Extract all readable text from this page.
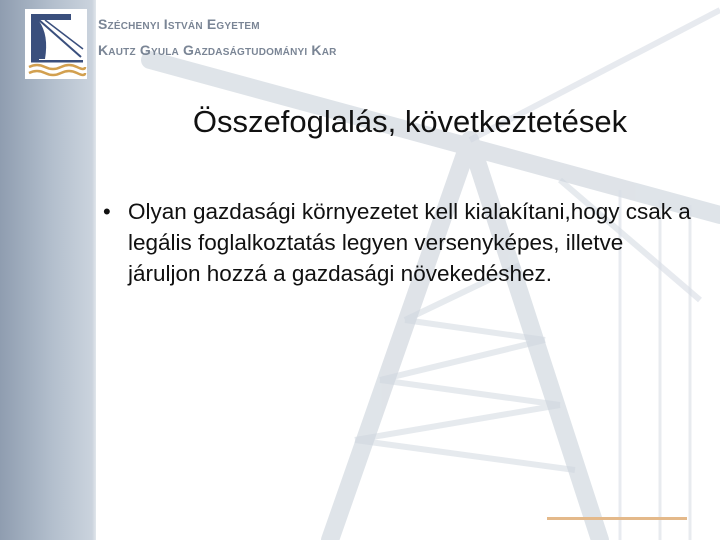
Széchenyi István Egyetem
Kautz Gyula Gazdaságtudományi Kar
Összefoglalás, következtetések
• Olyan gazdasági környezetet kell kialakítani,hogy csak a legális foglalkoztatás legyen versenyképes, illetve járuljon hozzá a gazdasági növekedéshez.
